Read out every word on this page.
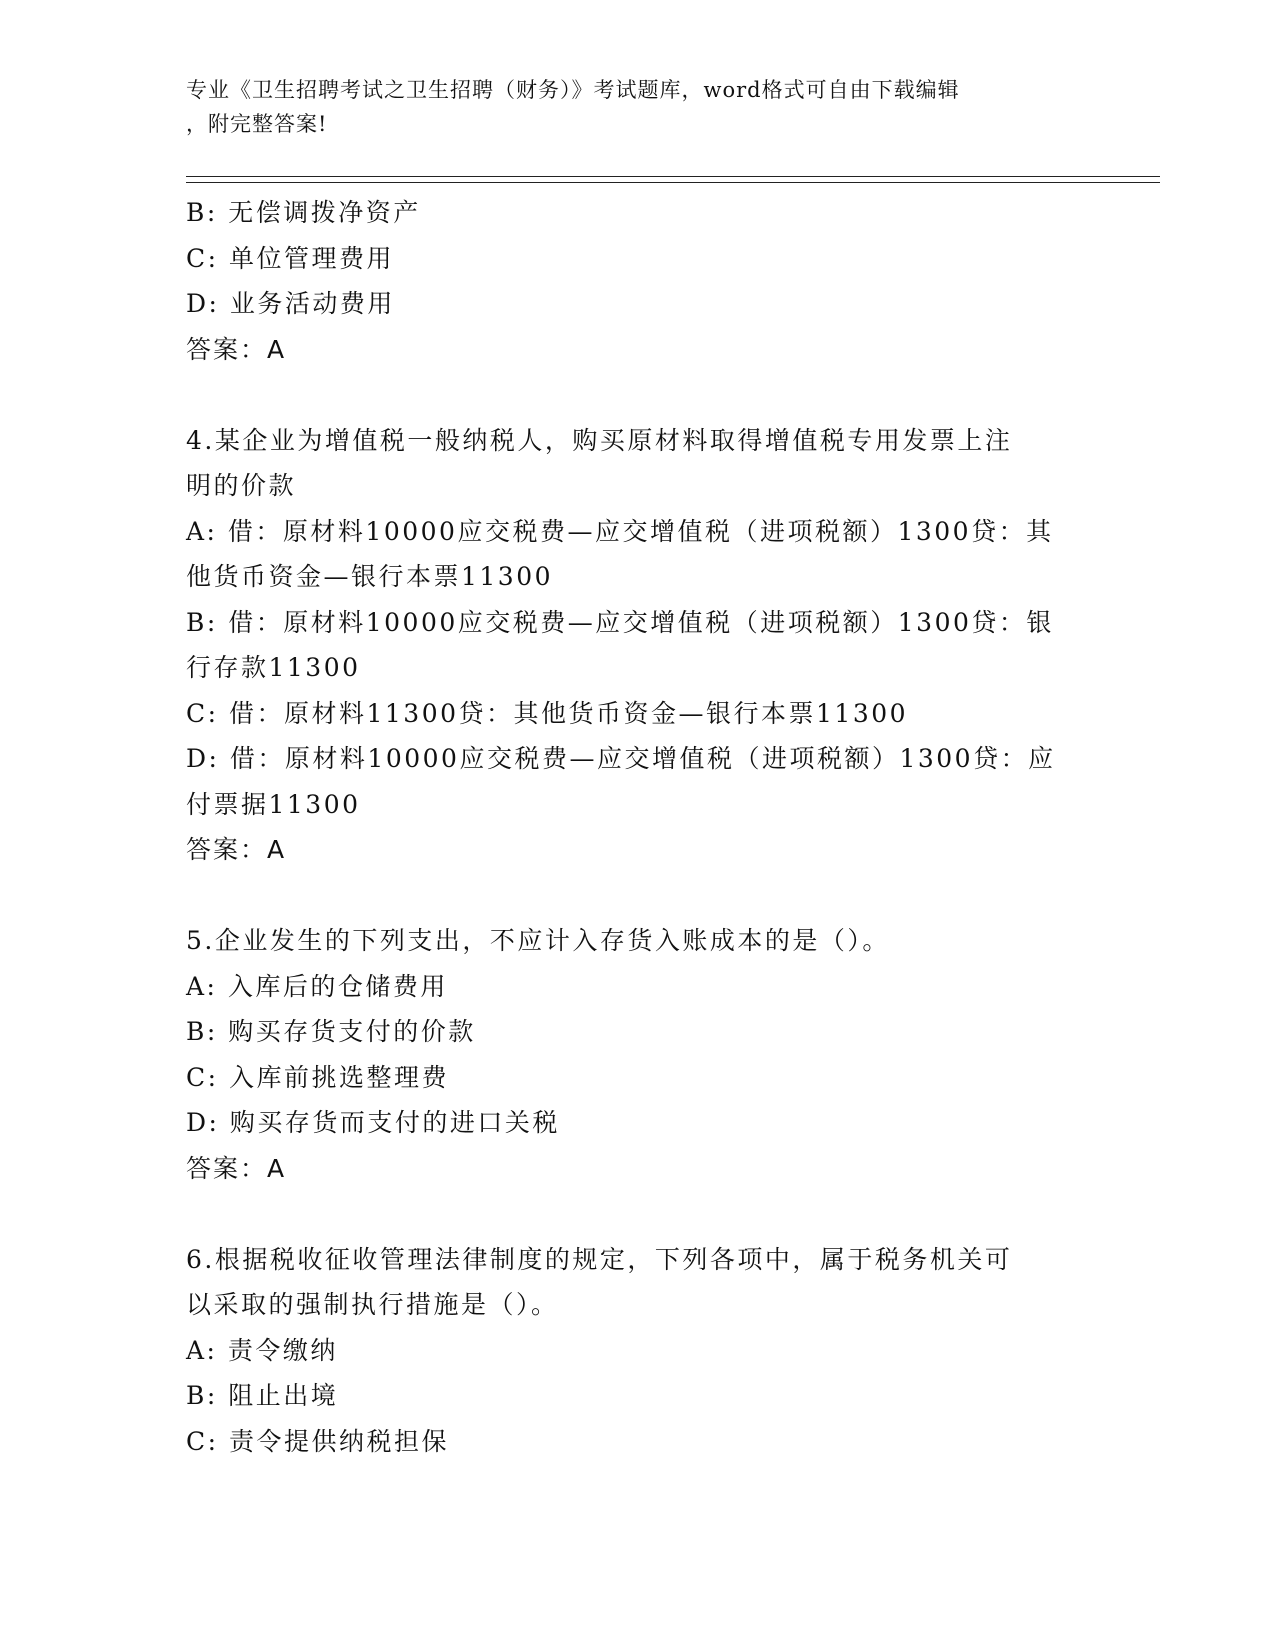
专业《卫生招聘考试之卫生招聘（财务）》考试题库，word格式可自由下载编辑
，附完整答案!
B: 无偿调拨净资产
C: 单位管理费用
D: 业务活动费用
答案：A
4.某企业为增值税一般纳税人，购买原材料取得增值税专用发票上注
明的价款
A: 借：原材料10000应交税费—应交增值税（进项税额）1300贷：其
他货币资金—银行本票11300
B: 借：原材料10000应交税费—应交增值税（进项税额）1300贷：银
行存款11300
C: 借：原材料11300贷：其他货币资金—银行本票11300
D: 借：原材料10000应交税费—应交增值税（进项税额）1300贷：应
付票据11300
答案：A
5.企业发生的下列支出，不应计入存货入账成本的是（）。
A: 入库后的仓储费用
B: 购买存货支付的价款
C: 入库前挑选整理费
D: 购买存货而支付的进口关税
答案：A
6.根据税收征收管理法律制度的规定，下列各项中，属于税务机关可
以采取的强制执行措施是（）。
A: 责令缴纳
B: 阻止出境
C: 责令提供纳税担保
